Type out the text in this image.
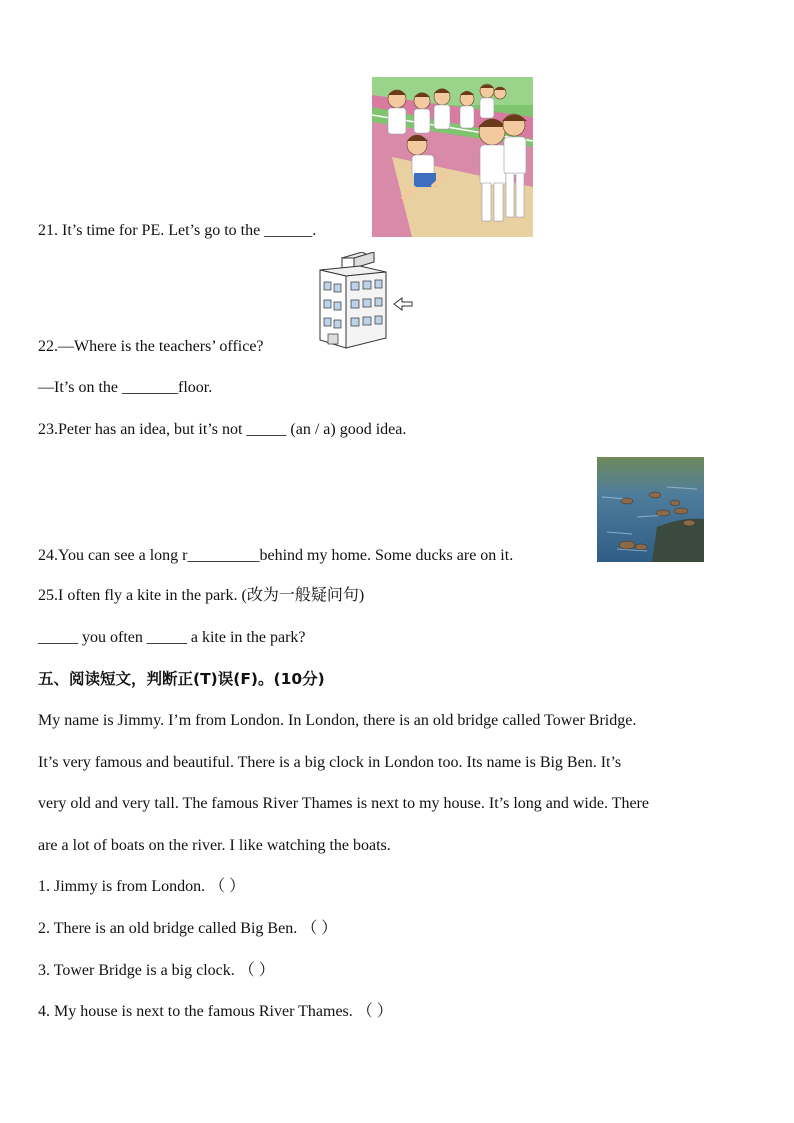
21. It’s time for PE. Let’s go to the ______.
22.—Where is the teachers’ office?
—It’s on the _______floor.
23.Peter has an idea, but it’s not _____ (an / a) good idea.
24.You can see a long r_________behind my home. Some ducks are on it.
25.I often fly a kite in the park. (改为一般疑问句)
_____ you often _____ a kite in the park?
五、阅读短文，判断正(T)误(F)。(10分)
My name is Jimmy. I’m from London. In London, there is an old bridge called Tower Bridge.
It’s very famous and beautiful. There is a big clock in London too. Its name is Big Ben. It’s
very old and very tall. The famous River Thames is next to my house. It’s long and wide. There
are a lot of boats on the river. I like watching the boats.
1. Jimmy is from London. （ ）
2. There is an old bridge called Big Ben. （ ）
3. Tower Bridge is a big clock. （ ）
4. My house is next to the famous River Thames. （ ）
